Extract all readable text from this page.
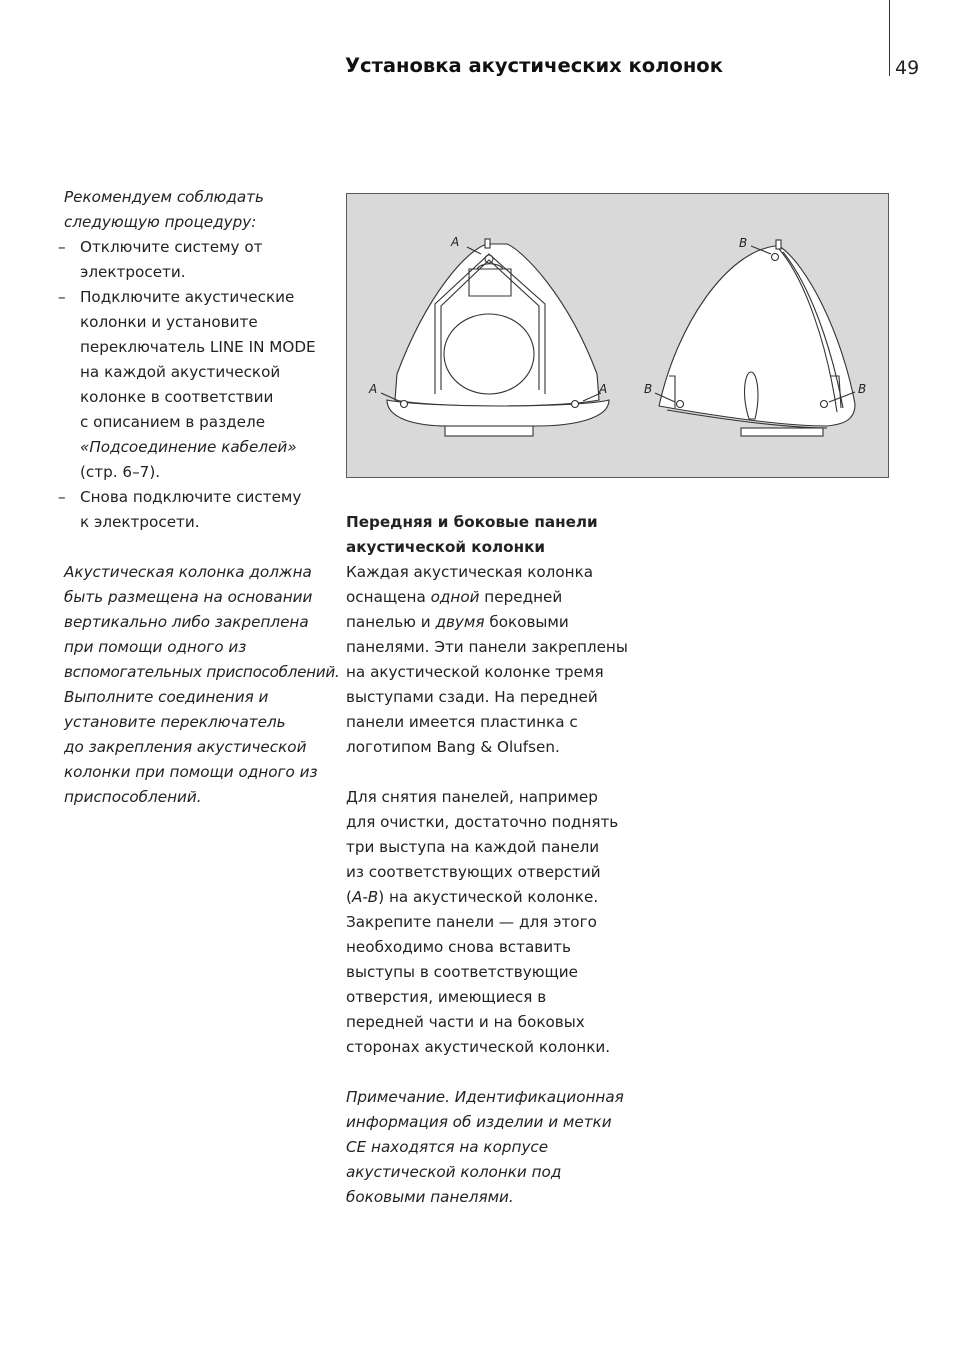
Установка акустических колонок	49
Рекомендуем соблюдать
следующую процедуру:
– Отключите систему от
электросети.
– Подключите акустические
колонки и установите
переключатель LINE IN MODE
на каждой акустической
колонке в соответствии
с описанием в разделе
«Подсоединение кабелей»
(стр. 6–7).
– Снова подключите систему
к электросети.
Акустическая колонка должна
быть размещена на основании
вертикально либо закреплена
при помощи одного из
вспомогательных приспособлений.
Выполните соединения и
установите переключатель
до закрепления акустической
колонки при помощи одного из
приспособлений.
A
A	A
B
B	B
Передняя и боковые панели
акустической колонки
Каждая акустическая колонка
оснащена одной передней
панелью и двумя боковыми
панелями. Эти панели закреплены
на акустической колонке тремя
выступами сзади. На передней
панели имеется пластинка с
логотипом Bang & Olufsen.
Для снятия панелей, например
для очистки, достаточно поднять
три выступа на каждой панели
из соответствующих отверстий
(A-B) на акустической колонке.
Закрепите панели — для этого
необходимо снова вставить
выступы в соответствующие
отверстия, имеющиеся в
передней части и на боковых
сторонах акустической колонки.
Примечание. Идентификационная
информация об изделии и метки
CE находятся на корпусе
акустической колонки под
боковыми панелями.
